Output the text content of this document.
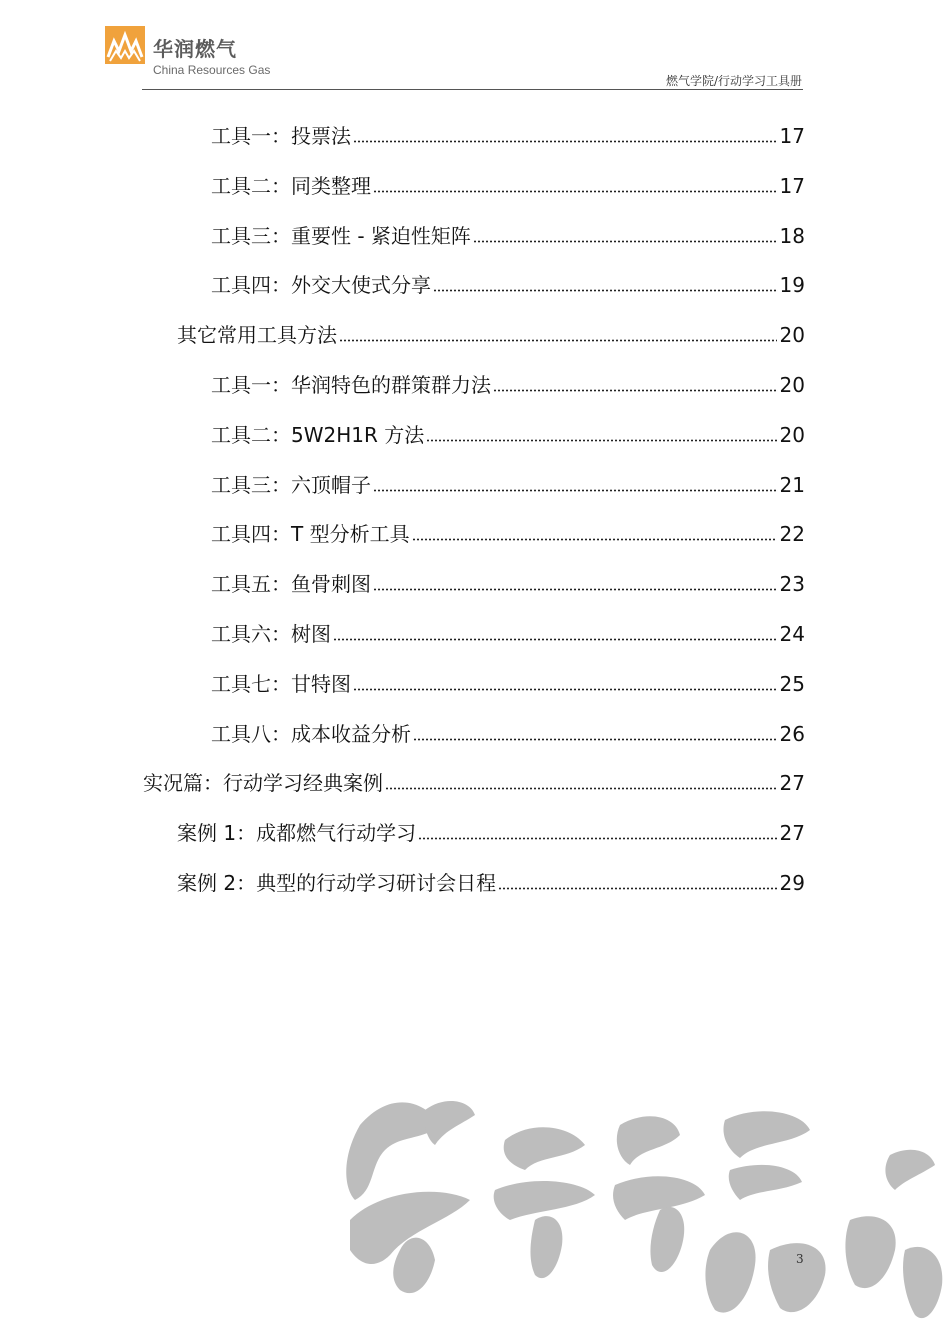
华润燃气
China Resources Gas
燃气学院/行动学习工具册
工具一：投票法	17
工具二：同类整理	17
工具三：重要性 - 紧迫性矩阵	18
工具四：外交大使式分享	19
其它常用工具方法	20
工具一：华润特色的群策群力法	20
工具二：5W2H1R 方法	20
工具三：六顶帽子	21
工具四：T 型分析工具	22
工具五：鱼骨刺图	23
工具六：树图	24
工具七：甘特图	25
工具八：成本收益分析	26
实况篇：行动学习经典案例	27
案例 1：成都燃气行动学习	27
案例 2：典型的行动学习研讨会日程	29
3
